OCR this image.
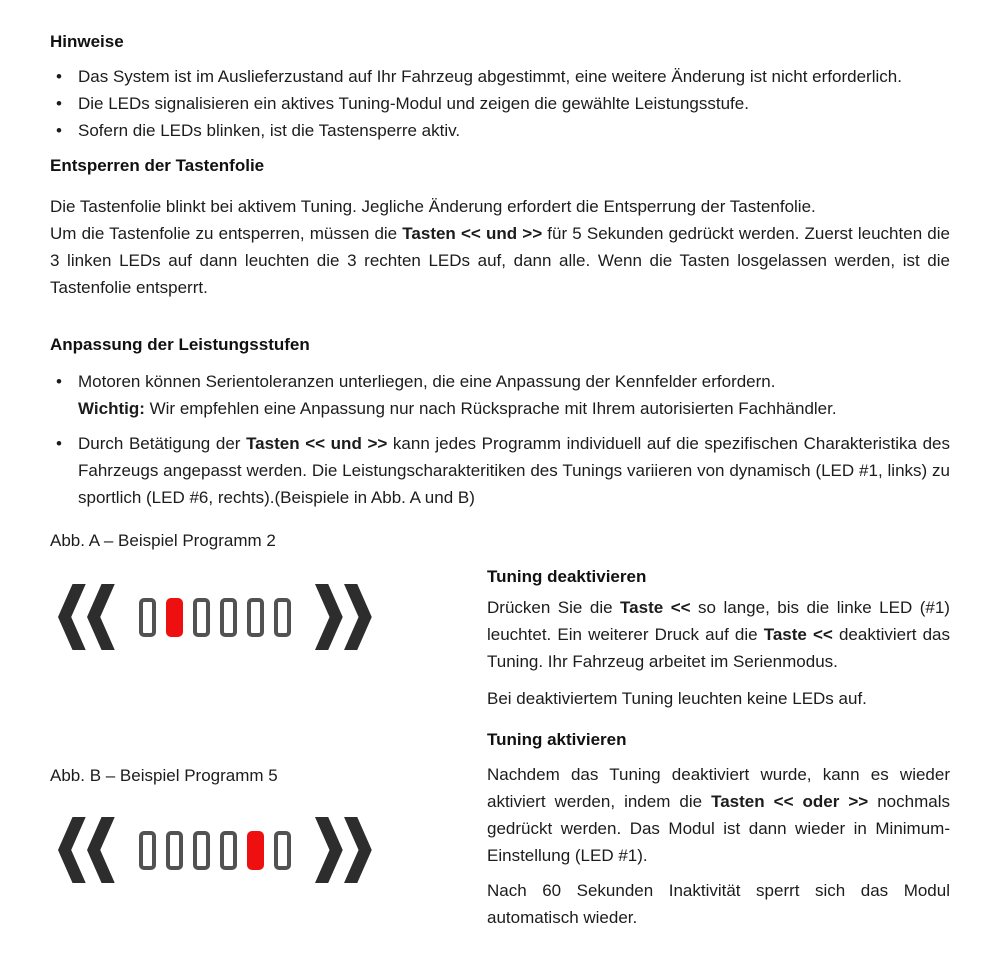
Hinweise

• Das System ist im Auslieferzustand auf Ihr Fahrzeug abgestimmt, eine weitere Änderung ist nicht erforderlich.

• Die LEDs signalisieren ein aktives Tuning-Modul und zeigen die gewählte Leistungsstufe.

• Sofern die LEDs blinken, ist die Tastensperre aktiv.

Entsperren der Tastenfolie

Die Tastenfolie blinkt bei aktivem Tuning. Jegliche Änderung erfordert die Entsperrung der Tastenfolie.

Um die Tastenfolie zu entsperren, müssen die Tasten << und >> für 5 Sekunden gedrückt werden. Zuerst leuchten die 3 linken LEDs auf dann leuchten die 3 rechten LEDs auf, dann alle. Wenn die Tasten losgelassen werden, ist die Tastenfolie entsperrt.

Anpassung der Leistungsstufen

• Motoren können Serientoleranzen unterliegen, die eine Anpassung der Kennfelder erfordern.
Wichtig: Wir empfehlen eine Anpassung nur nach Rücksprache mit Ihrem autorisierten Fachhändler.

• Durch Betätigung der Tasten << und >> kann jedes Programm individuell auf die spezifischen Charakteristika des Fahrzeugs angepasst werden. Die Leistungscharakteritiken des Tunings variieren von dynamisch (LED #1, links) zu sportlich (LED #6, rechts).(Beispiele in Abb. A und B)

Abb. A – Beispiel Programm 2

Abb. B – Beispiel Programm 5

Tuning deaktivieren

Drücken Sie die Taste << so lange, bis die linke LED (#1) leuchtet. Ein weiterer Druck auf die Taste << deaktiviert das Tuning. Ihr Fahrzeug arbeitet im Serienmodus.

Bei deaktiviertem Tuning leuchten keine LEDs auf.

Tuning aktivieren

Nachdem das Tuning deaktiviert wurde, kann es wieder aktiviert werden, indem die Tasten << oder >> nochmals gedrückt werden. Das Modul ist dann wieder in Minimum-Einstellung (LED #1).

Nach 60 Sekunden Inaktivität sperrt sich das Modul automatisch wieder.
